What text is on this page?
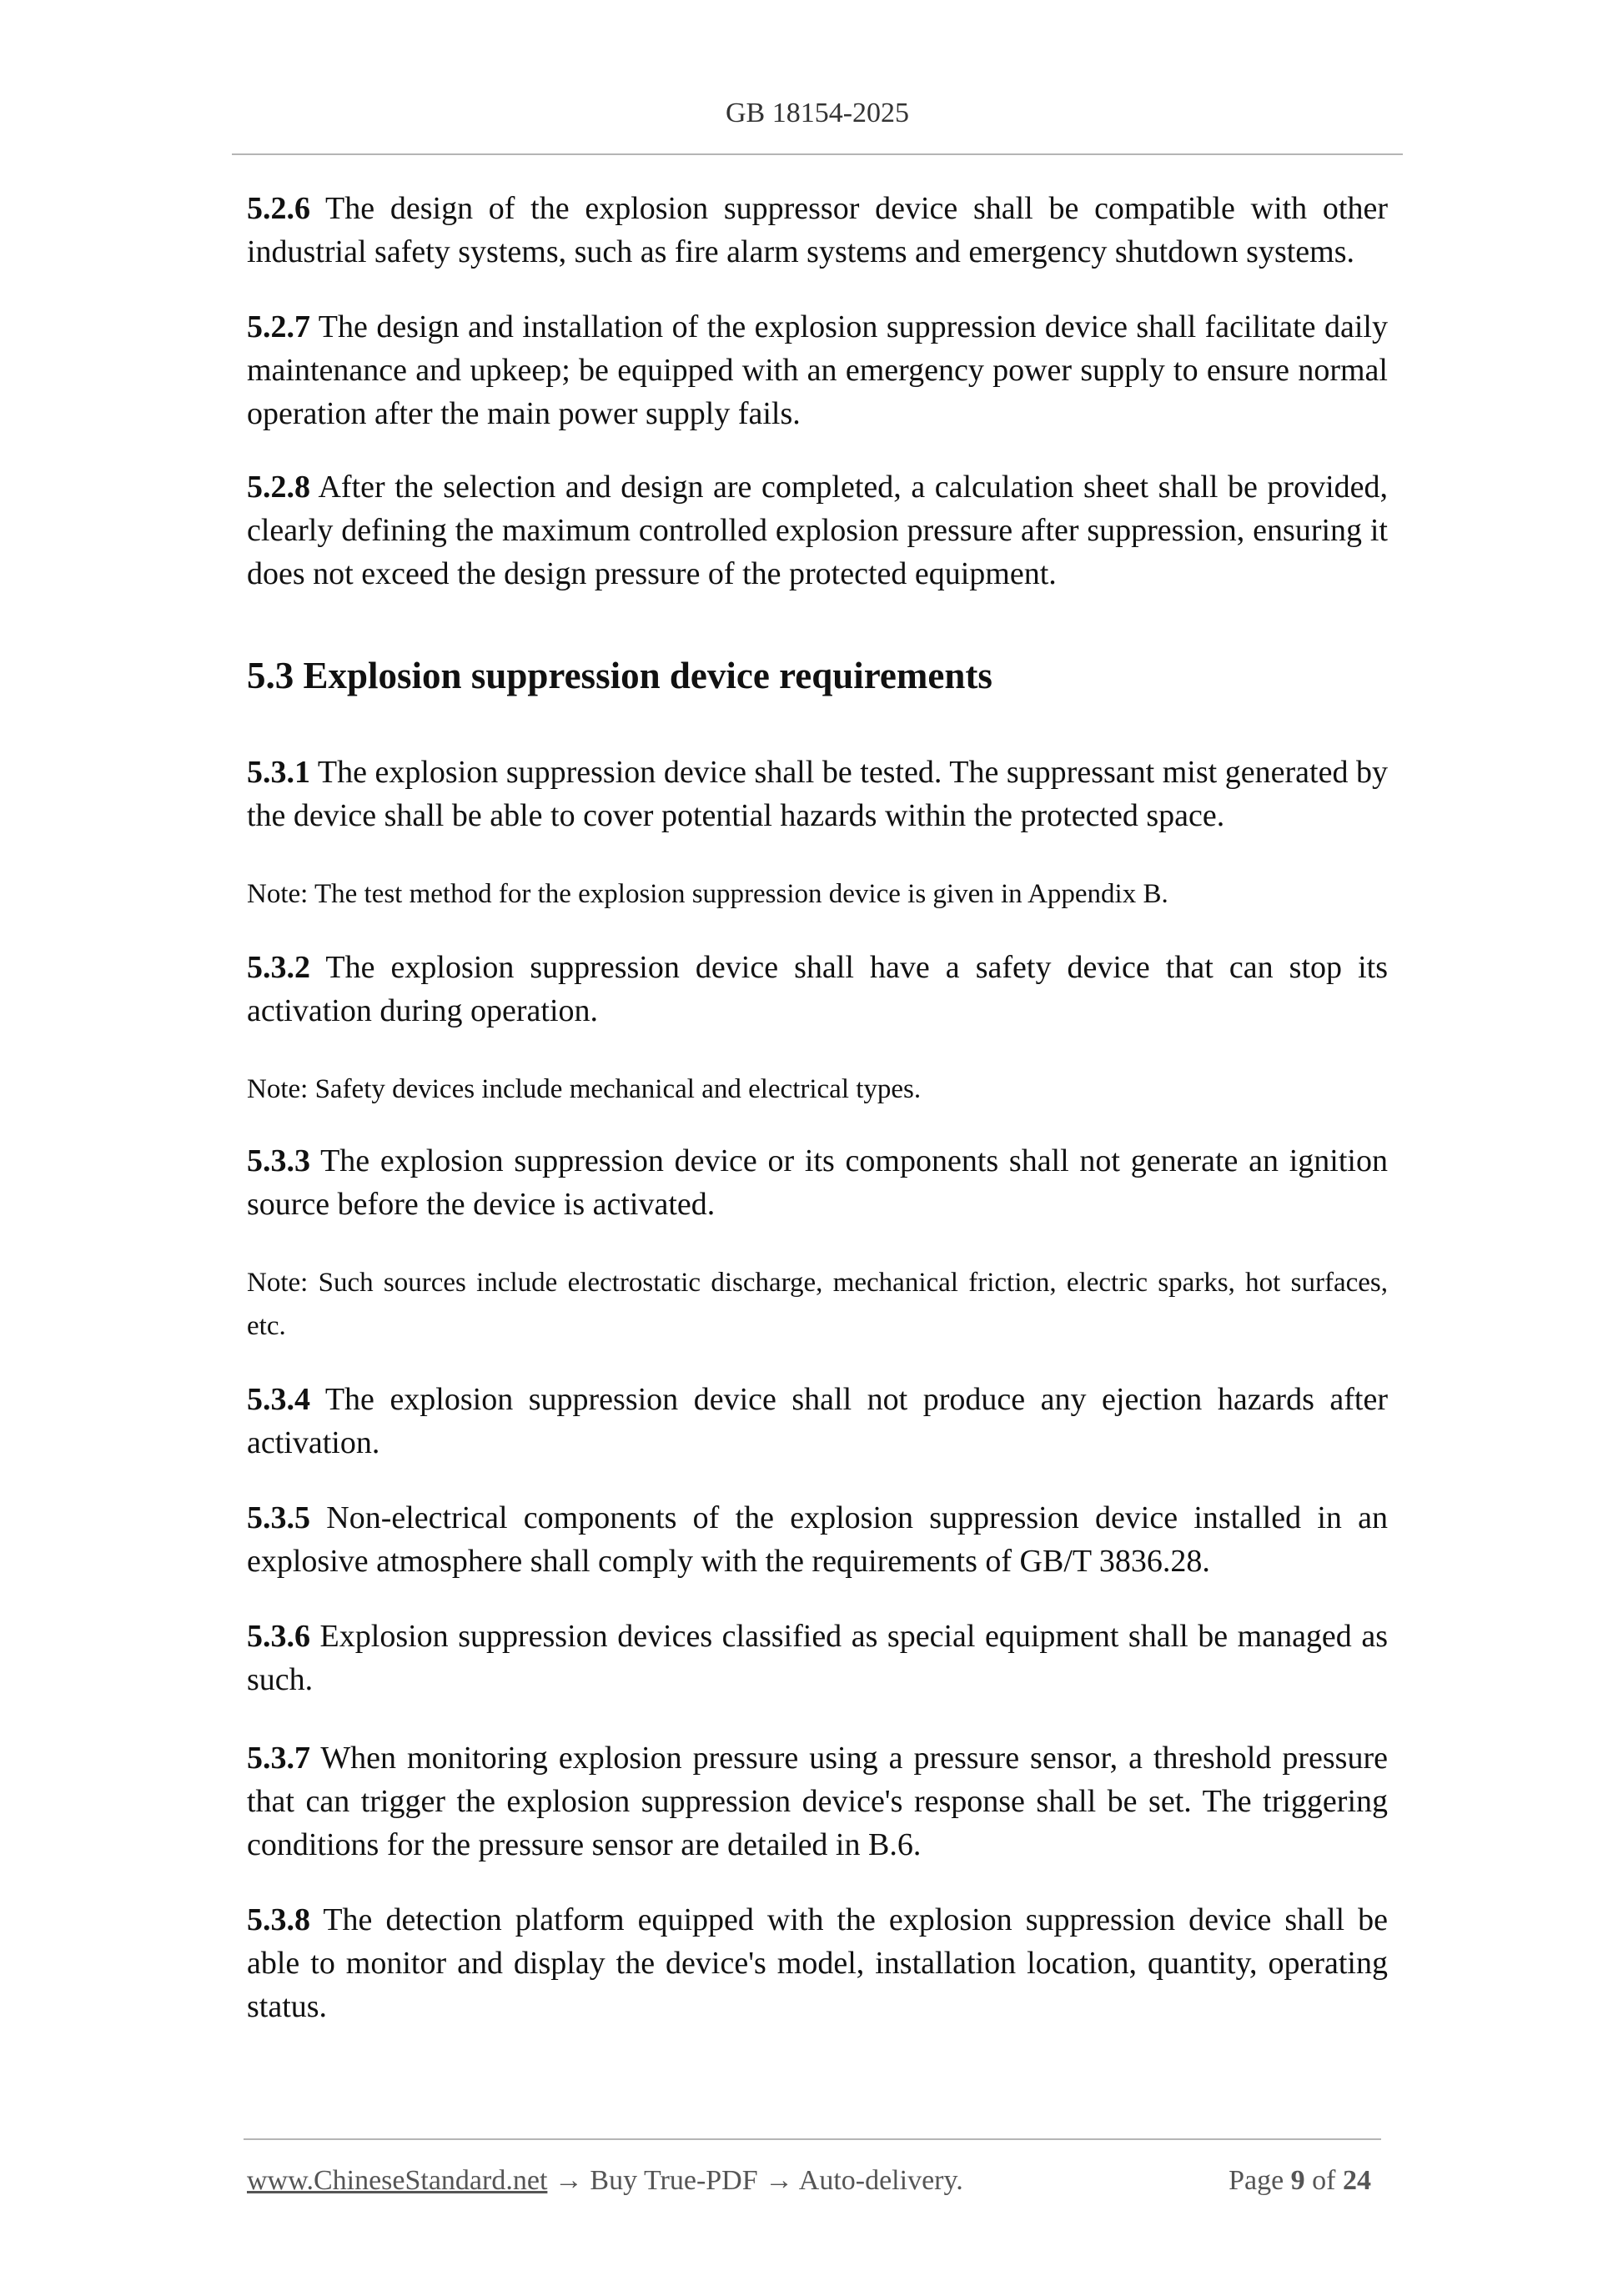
GB 18154-2025

5.2.6 The design of the explosion suppressor device shall be compatible with other industrial safety systems, such as fire alarm systems and emergency shutdown systems.

5.2.7 The design and installation of the explosion suppression device shall facilitate daily maintenance and upkeep; be equipped with an emergency power supply to ensure normal operation after the main power supply fails.

5.2.8 After the selection and design are completed, a calculation sheet shall be provided, clearly defining the maximum controlled explosion pressure after suppression, ensuring it does not exceed the design pressure of the protected equipment.

5.3 Explosion suppression device requirements

5.3.1 The explosion suppression device shall be tested. The suppressant mist generated by the device shall be able to cover potential hazards within the protected space.

Note: The test method for the explosion suppression device is given in Appendix B.

5.3.2 The explosion suppression device shall have a safety device that can stop its activation during operation.

Note: Safety devices include mechanical and electrical types.

5.3.3 The explosion suppression device or its components shall not generate an ignition source before the device is activated.

Note: Such sources include electrostatic discharge, mechanical friction, electric sparks, hot surfaces, etc.

5.3.4 The explosion suppression device shall not produce any ejection hazards after activation.

5.3.5 Non-electrical components of the explosion suppression device installed in an explosive atmosphere shall comply with the requirements of GB/T 3836.28.

5.3.6 Explosion suppression devices classified as special equipment shall be managed as such.

5.3.7 When monitoring explosion pressure using a pressure sensor, a threshold pressure that can trigger the explosion suppression device's response shall be set. The triggering conditions for the pressure sensor are detailed in B.6.

5.3.8 The detection platform equipped with the explosion suppression device shall be able to monitor and display the device's model, installation location, quantity, operating status.

www.ChineseStandard.net → Buy True-PDF → Auto-delivery.	Page 9 of 24
